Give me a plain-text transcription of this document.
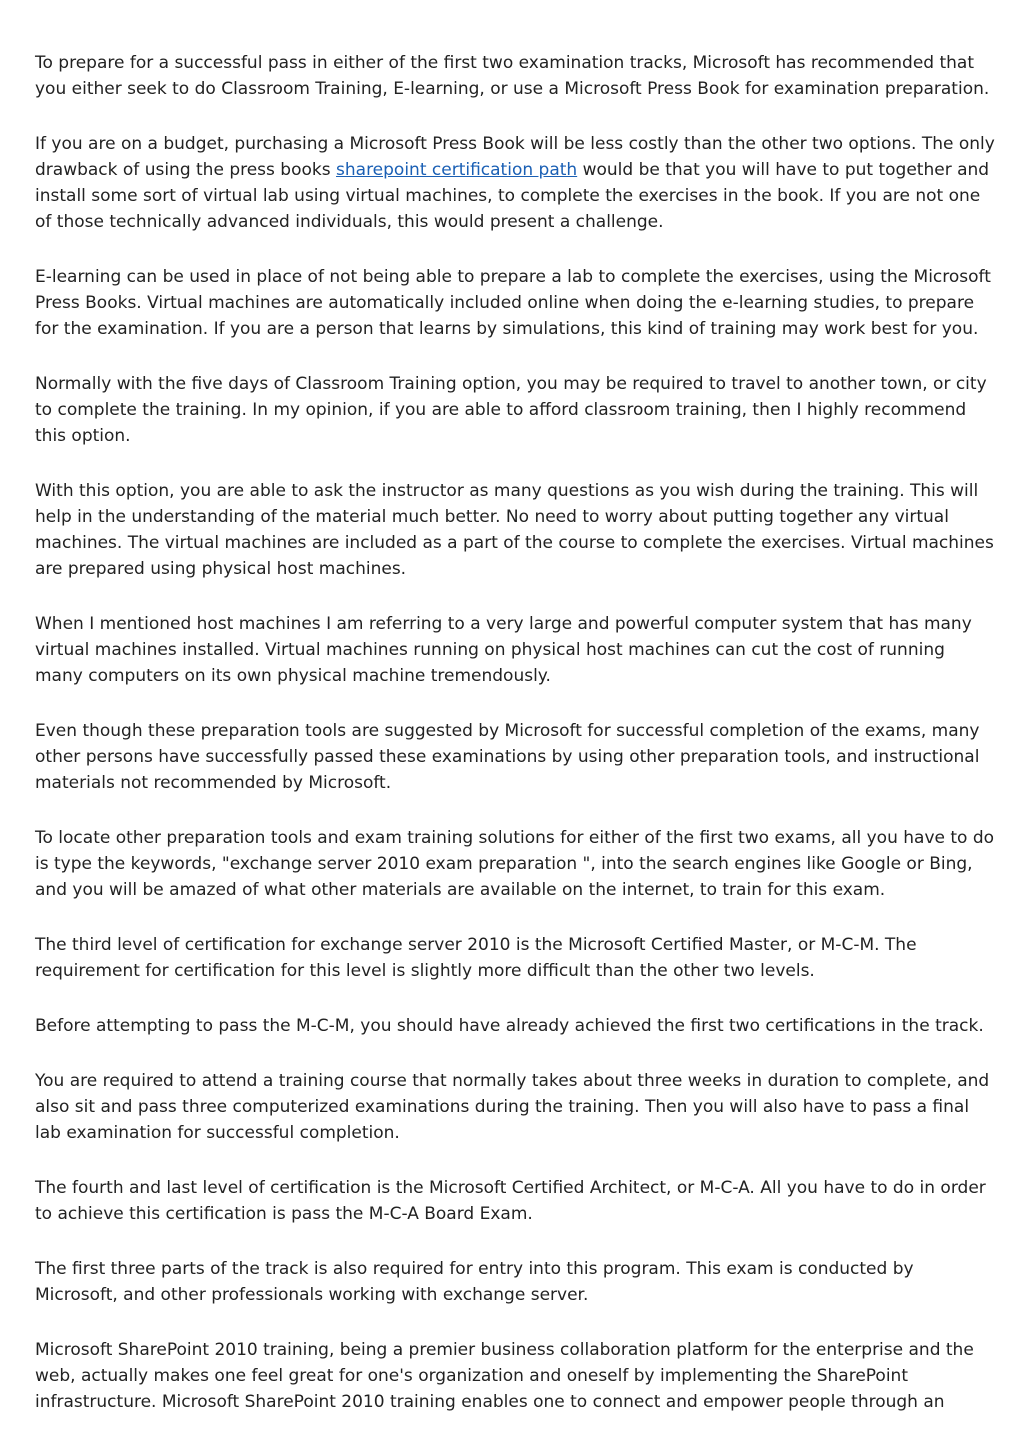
To prepare for a successful pass in either of the first two examination tracks, Microsoft has recommended that you either seek to do Classroom Training, E-learning, or use a Microsoft Press Book for examination preparation.

If you are on a budget, purchasing a Microsoft Press Book will be less costly than the other two options. The only drawback of using the press books sharepoint certification path would be that you will have to put together and install some sort of virtual lab using virtual machines, to complete the exercises in the book. If you are not one of those technically advanced individuals, this would present a challenge.

E-learning can be used in place of not being able to prepare a lab to complete the exercises, using the Microsoft Press Books. Virtual machines are automatically included online when doing the e-learning studies, to prepare for the examination. If you are a person that learns by simulations, this kind of training may work best for you.

Normally with the five days of Classroom Training option, you may be required to travel to another town, or city to complete the training. In my opinion, if you are able to afford classroom training, then I highly recommend this option.

With this option, you are able to ask the instructor as many questions as you wish during the training. This will help in the understanding of the material much better. No need to worry about putting together any virtual machines. The virtual machines are included as a part of the course to complete the exercises. Virtual machines are prepared using physical host machines.

When I mentioned host machines I am referring to a very large and powerful computer system that has many virtual machines installed. Virtual machines running on physical host machines can cut the cost of running many computers on its own physical machine tremendously.

Even though these preparation tools are suggested by Microsoft for successful completion of the exams, many other persons have successfully passed these examinations by using other preparation tools, and instructional materials not recommended by Microsoft.

To locate other preparation tools and exam training solutions for either of the first two exams, all you have to do is type the keywords, "exchange server 2010 exam preparation ", into the search engines like Google or Bing, and you will be amazed of what other materials are available on the internet, to train for this exam.

The third level of certification for exchange server 2010 is the Microsoft Certified Master, or M-C-M. The requirement for certification for this level is slightly more difficult than the other two levels.

Before attempting to pass the M-C-M, you should have already achieved the first two certifications in the track.

You are required to attend a training course that normally takes about three weeks in duration to complete, and also sit and pass three computerized examinations during the training. Then you will also have to pass a final lab examination for successful completion.

The fourth and last level of certification is the Microsoft Certified Architect, or M-C-A. All you have to do in order to achieve this certification is pass the M-C-A Board Exam.

The first three parts of the track is also required for entry into this program. This exam is conducted by Microsoft, and other professionals working with exchange server.

Microsoft SharePoint 2010 training, being a premier business collaboration platform for the enterprise and the web, actually makes one feel great for one's organization and oneself by implementing the SharePoint infrastructure. Microsoft SharePoint 2010 training enables one to connect and empower people through an
